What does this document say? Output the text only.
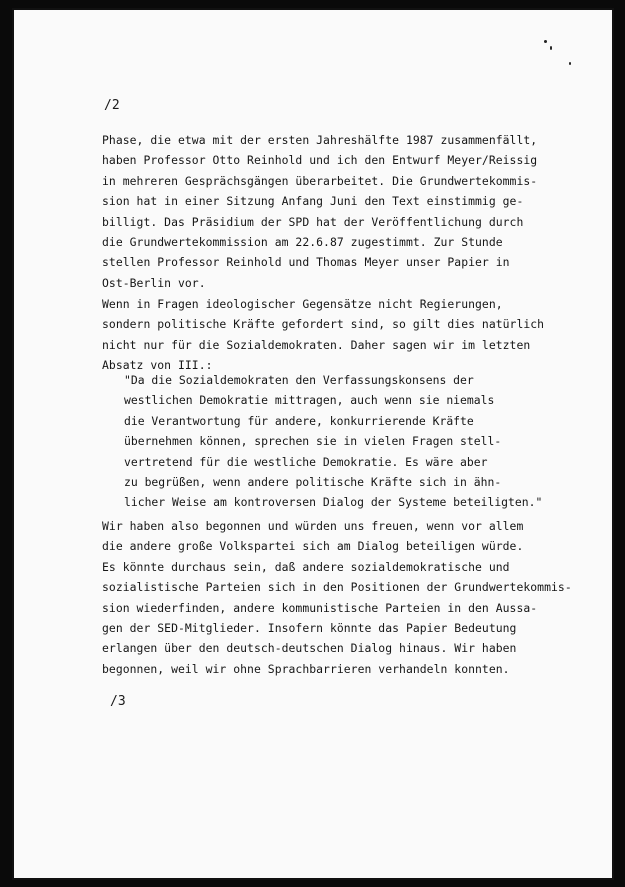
/2

Phase, die etwa mit der ersten Jahreshälfte 1987 zusammenfällt,
haben Professor Otto Reinhold und ich den Entwurf Meyer/Reissig
in mehreren Gesprächsgängen überarbeitet. Die Grundwertekommis-
sion hat in einer Sitzung Anfang Juni den Text einstimmig ge-
billigt. Das Präsidium der SPD hat der Veröffentlichung durch
die Grundwertekommission am 22.6.87 zugestimmt. Zur Stunde
stellen Professor Reinhold und Thomas Meyer unser Papier in
Ost-Berlin vor.

Wenn in Fragen ideologischer Gegensätze nicht Regierungen,
sondern politische Kräfte gefordert sind, so gilt dies natürlich
nicht nur für die Sozialdemokraten. Daher sagen wir im letzten
Absatz von III.:

"Da die Sozialdemokraten den Verfassungskonsens der
westlichen Demokratie mittragen, auch wenn sie niemals
die Verantwortung für andere, konkurrierende Kräfte
übernehmen können, sprechen sie in vielen Fragen stell-
vertretend für die westliche Demokratie. Es wäre aber
zu begrüßen, wenn andere politische Kräfte sich in ähn-
licher Weise am kontroversen Dialog der Systeme beteiligten."

Wir haben also begonnen und würden uns freuen, wenn vor allem
die andere große Volkspartei sich am Dialog beteiligen würde.
Es könnte durchaus sein, daß andere sozialdemokratische und
sozialistische Parteien sich in den Positionen der Grundwertekommis-
sion wiederfinden, andere kommunistische Parteien in den Aussa-
gen der SED-Mitglieder. Insofern könnte das Papier Bedeutung
erlangen über den deutsch-deutschen Dialog hinaus. Wir haben
begonnen, weil wir ohne Sprachbarrieren verhandeln konnten.

/3
